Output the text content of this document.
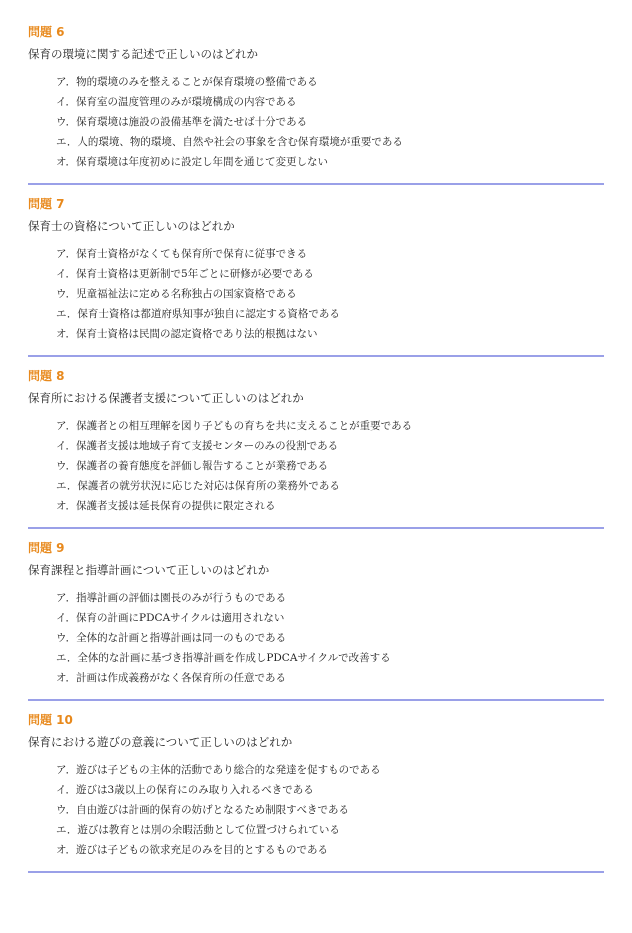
問題 6
保育の環境に関する記述で正しいのはどれか
ア．物的環境のみを整えることが保育環境の整備である
イ．保育室の温度管理のみが環境構成の内容である
ウ．保育環境は施設の設備基準を満たせば十分である
エ．人的環境、物的環境、自然や社会の事象を含む保育環境が重要である
オ．保育環境は年度初めに設定し年間を通じて変更しない
問題 7
保育士の資格について正しいのはどれか
ア．保育士資格がなくても保育所で保育に従事できる
イ．保育士資格は更新制で5年ごとに研修が必要である
ウ．児童福祉法に定める名称独占の国家資格である
エ．保育士資格は都道府県知事が独自に認定する資格である
オ．保育士資格は民間の認定資格であり法的根拠はない
問題 8
保育所における保護者支援について正しいのはどれか
ア．保護者との相互理解を図り子どもの育ちを共に支えることが重要である
イ．保護者支援は地域子育て支援センターのみの役割である
ウ．保護者の養育態度を評価し報告することが業務である
エ．保護者の就労状況に応じた対応は保育所の業務外である
オ．保護者支援は延長保育の提供に限定される
問題 9
保育課程と指導計画について正しいのはどれか
ア．指導計画の評価は園長のみが行うものである
イ．保育の計画にPDCAサイクルは適用されない
ウ．全体的な計画と指導計画は同一のものである
エ．全体的な計画に基づき指導計画を作成しPDCAサイクルで改善する
オ．計画は作成義務がなく各保育所の任意である
問題 10
保育における遊びの意義について正しいのはどれか
ア．遊びは子どもの主体的活動であり総合的な発達を促すものである
イ．遊びは3歳以上の保育にのみ取り入れるべきである
ウ．自由遊びは計画的保育の妨げとなるため制限すべきである
エ．遊びは教育とは別の余暇活動として位置づけられている
オ．遊びは子どもの欲求充足のみを目的とするものである
